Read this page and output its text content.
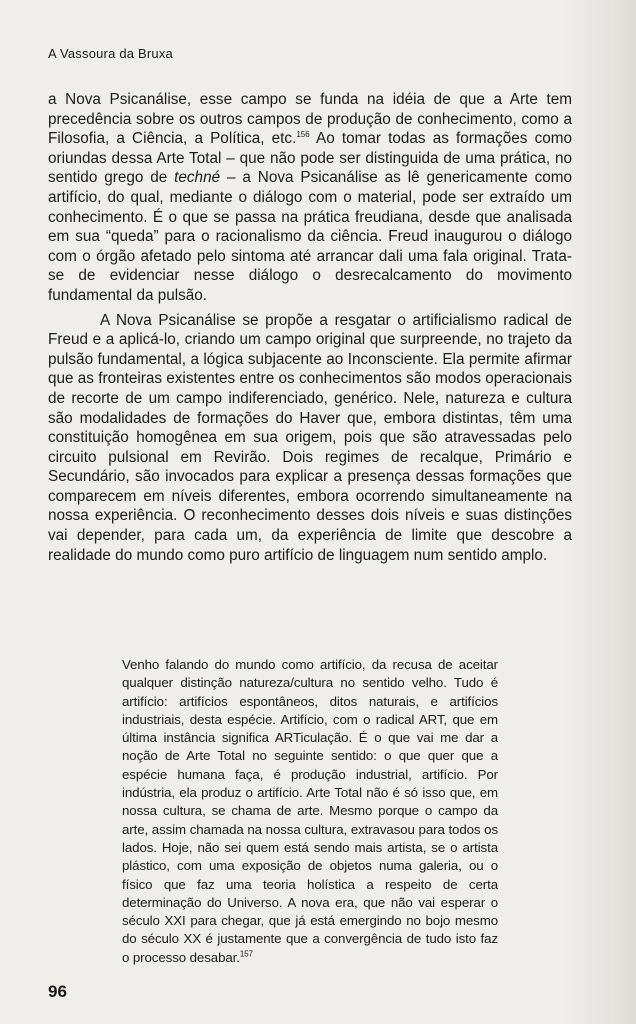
A Vassoura da Bruxa

a Nova Psicanálise, esse campo se funda na idéia de que a Arte tem precedência sobre os outros campos de produção de conhecimento, como a Filosofia, a Ciência, a Política, etc.$^{156}$ Ao tomar todas as formações como oriundas dessa Arte Total – que não pode ser distinguida de uma prática, no sentido grego de techné – a Nova Psicanálise as lê genericamente como artifício, do qual, mediante o diálogo com o material, pode ser extraído um conhecimento. É o que se passa na prática freudiana, desde que analisada em sua “queda” para o racionalismo da ciência. Freud inaugurou o diálogo com o órgão afetado pelo sintoma até arrancar dali uma fala original. Trata-se de evidenciar nesse diálogo o desrecalcamento do movimento fundamental da pulsão.

A Nova Psicanálise se propõe a resgatar o artificialismo radical de Freud e a aplicá-lo, criando um campo original que surpreende, no trajeto da pulsão fundamental, a lógica subjacente ao Inconsciente. Ela permite afirmar que as fronteiras existentes entre os conhecimentos são modos operacionais de recorte de um campo indiferenciado, genérico. Nele, natureza e cultura são modalidades de formações do Haver que, embora distintas, têm uma constituição homogênea em sua origem, pois que são atravessadas pelo circuito pulsional em Revirão. Dois regimes de recalque, Primário e Secundário, são invocados para explicar a presença dessas formações que comparecem em níveis diferentes, embora ocorrendo simultaneamente na nossa experiência. O reconhecimento desses dois níveis e suas distinções vai depender, para cada um, da experiência de limite que descobre a realidade do mundo como puro artifício de linguagem num sentido amplo.

Venho falando do mundo como artifício, da recusa de aceitar qualquer distinção natureza/cultura no sentido velho. Tudo é artifício: artifícios espontâneos, ditos naturais, e artifícios industriais, desta espécie. Artifício, com o radical ART, que em última instância significa ARTiculação. É o que vai me dar a noção de Arte Total no seguinte sentido: o que quer que a espécie humana faça, é produção industrial, artifício. Por indústria, ela produz o artifício. Arte Total não é só isso que, em nossa cultura, se chama de arte. Mesmo porque o campo da arte, assim chamada na nossa cultura, extravasou para todos os lados. Hoje, não sei quem está sendo mais artista, se o artista plástico, com uma exposição de objetos numa galeria, ou o físico que faz uma teoria holística a respeito de certa determinação do Universo. A nova era, que não vai esperar o século XXI para chegar, que já está emergindo no bojo mesmo do século XX é justamente que a convergência de tudo isto faz o processo desabar.$^{157}$

96
